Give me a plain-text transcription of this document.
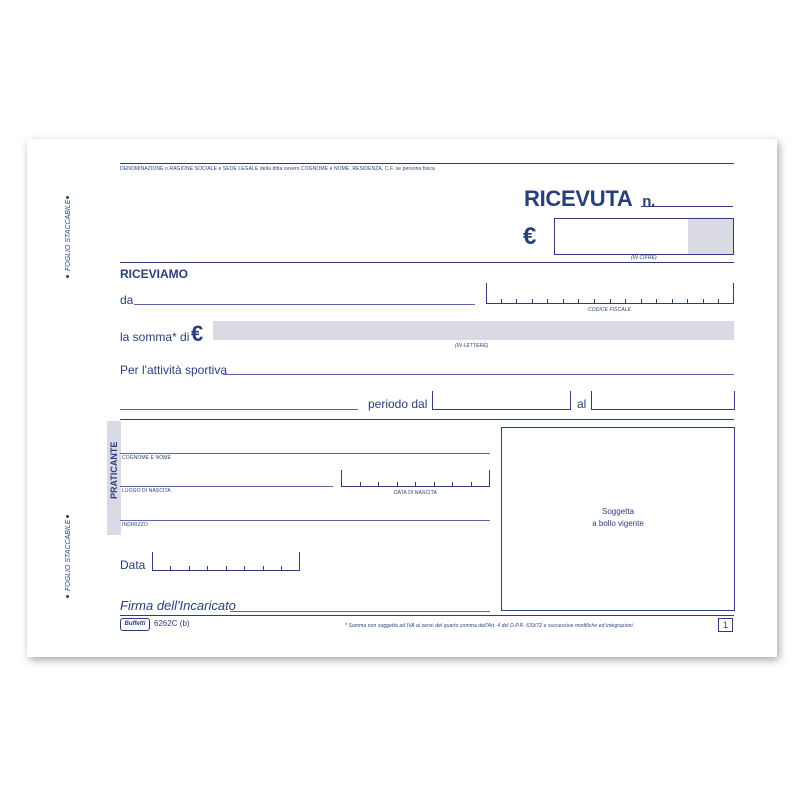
FOGLIO STACCABILE
FOGLIO STACCABILE
DENOMINAZIONE o RAGIONE SOCIALE e SEDE LEGALE della ditta ovvero COGNOME e NOME, RESIDENZA, C.F. se persona fisica
RICEVUTA n.
€
(IN CIFRE)
RICEVIAMO
da
CODICE FISCALE
la somma* di €	(IN LETTERE)
Per l'attività sportiva
periodo dal	al
PRATICANTE COGNOME E NOME
LUOGO DI NASCITA	DATA DI NASCITA
INDIRIZZO
Soggetta
a bollo vigente
Data
Firma dell'Incaricato
Buffetti	6262C (b)	* Somma non soggetta ad IVA ai sensi del quarto comma dell'Art. 4 del D.P.R. 633/72 e successive modifiche ed integrazioni.	1
